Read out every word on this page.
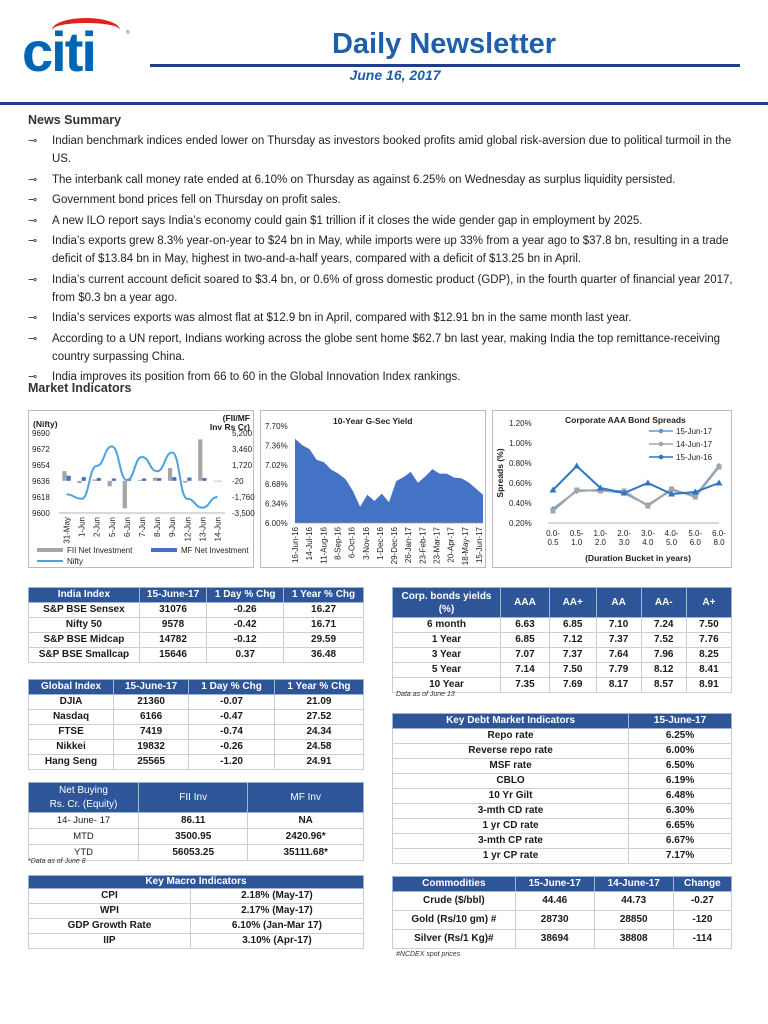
citi	®	Daily Newsletter
June 16, 2017
News Summary
⊸ Indian benchmark indices ended lower on Thursday as investors booked profits amid global risk-aversion due to political turmoil in the US.
⊸ The interbank call money rate ended at 6.10% on Thursday as against 6.25% on Wednesday as surplus liquidity persisted.
⊸ Government bond prices fell on Thursday on profit sales.
⊸ A new ILO report says India’s economy could gain $1 trillion if it closes the wide gender gap in employment by 2025.
⊸ India’s exports grew 8.3% year-on-year to $24 bn in May, while imports were up 33% from a year ago to $37.8 bn, resulting in a trade deficit of $13.84 bn in May, highest in two-and-a-half years, compared with a deficit of $13.25 bn in April.
⊸ India’s current account deficit soared to $3.4 bn, or 0.6% of gross domestic product (GDP), in the fourth quarter of financial year 2017, from $0.3 bn a year ago.
⊸ India’s services exports was almost flat at $12.9 bn in April, compared with $12.91 bn in the same month last year.
⊸ According to a UN report, Indians working across the globe sent home $62.7 bn last year, making India the top remittance-receiving country surpassing China.
⊸ India improves its position from 66 to 60 in the Global Innovation Index rankings.
Market Indicators
(Nifty)
(FII/MF
Inv Rs Cr)
9690
9672
9654
9636
9618
9600
5,200
3,460
1,720
-20
-1,760
-3,500
31-May 1-Jun 2-Jun 5-Jun 6-Jun 7-Jun 8-Jun 9-Jun 12-Jun 13-Jun 14-Jun
FII Net Investment	MF Net Investment
Nifty
10-Year G-Sec Yield
7.70%
7.36%
7.02%
6.68%
6.34%
6.00%
16-Jun-16 14-Jul-16 11-Aug-16 8-Sep-16 6-Oct-16 3-Nov-16 1-Dec-16 29-Dec-16 26-Jan-17 23-Feb-17 23-Mar-17 20-Apr-17 18-May-17 15-Jun-17
Corporate AAA Bond Spreads
1.20%
1.00%
0.80%
0.60%
0.40%
0.20%
Spreads (%)
0.0-
0.5
0.5-
1.0
1.0-
2.0
2.0-
3.0
3.0-
4.0
4.0-
5.0
5.0-
6.0
6.0-
8.0
(Duration Bucket in years)
15-Jun-17
14-Jun-17
15-Jun-16
India Index	15-June-17	1 Day % Chg	1 Year % Chg
S&P BSE Sensex	31076	-0.26	16.27
Nifty 50	9578	-0.42	16.71
S&P BSE Midcap	14782	-0.12	29.59
S&P BSE Smallcap	15646	0.37	36.48
Global Index	15-June-17	1 Day % Chg	1 Year % Chg
DJIA	21360	-0.07	21.09
Nasdaq	6166	-0.47	27.52
FTSE	7419	-0.74	24.34
Nikkei	19832	-0.26	24.58
Hang Seng	25565	-1.20	24.91
Net Buying
Rs. Cr. (Equity)	FII Inv	MF Inv
14- June- 17	86.11	NA
MTD	3500.95	2420.96*
YTD	56053.25	35111.68*
*Data as of June 8
Key Macro Indicators	
CPI	2.18% (May-17)
WPI	2.17% (May-17)
GDP Growth Rate	6.10% (Jan-Mar 17)
IIP	3.10% (Apr-17)
Corp. bonds yields (%)	AAA	AA+	AA	AA-	A+
6 month	6.63	6.85	7.10	7.24	7.50
1 Year	6.85	7.12	7.37	7.52	7.76
3 Year	7.07	7.37	7.64	7.96	8.25
5 Year	7.14	7.50	7.79	8.12	8.41
10 Year	7.35	7.69	8.17	8.57	8.91
Data as of June 13
Key Debt Market Indicators	15-June-17
Repo rate	6.25%
Reverse repo rate	6.00%
MSF rate	6.50%
CBLO	6.19%
10 Yr Gilt	6.48%
3-mth CD rate	6.30%
1 yr CD rate	6.65%
3-mth CP rate	6.67%
1 yr CP rate	7.17%
Commodities	15-June-17	14-June-17	Change
Crude ($/bbl)	44.46	44.73	-0.27
Gold (Rs/10 gm) #	28730	28850	-120
Silver (Rs/1 Kg)#	38694	38808	-114
#NCDEX spot prices
